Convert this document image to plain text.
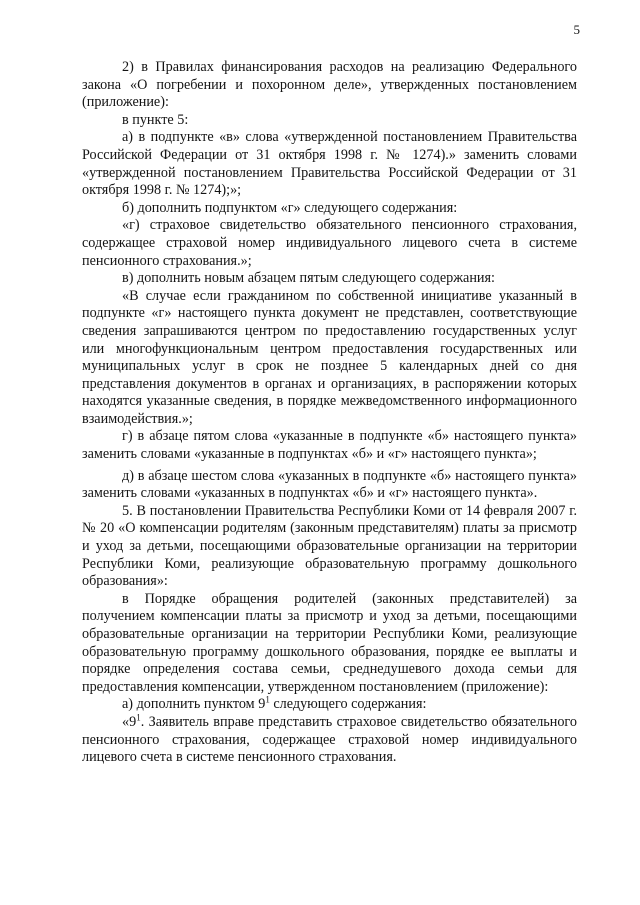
5

2) в Правилах финансирования расходов на реализацию Федерального закона «О погребении и похоронном деле», утвержденных постановлением (приложение):

в пункте 5:

а) в подпункте «в» слова «утвержденной постановлением Правительства Российской Федерации от 31 октября 1998 г. № 1274).» заменить словами «утвержденной постановлением Правительства Российской Федерации от 31 октября 1998 г. № 1274);»;

б) дополнить подпунктом «г» следующего содержания:

«г) страховое свидетельство обязательного пенсионного страхования, содержащее страховой номер индивидуального лицевого счета в системе пенсионного страхования.»;

в) дополнить новым абзацем пятым следующего содержания:

«В случае если гражданином по собственной инициативе указанный в подпункте «г» настоящего пункта документ не представлен, соответствующие сведения запрашиваются центром по предоставлению государственных услуг или многофункциональным центром предоставления государственных или муниципальных услуг в срок не позднее 5 календарных дней со дня представления документов в органах и организациях, в распоряжении которых находятся указанные сведения, в порядке межведомственного информационного взаимодействия.»;

г) в абзаце пятом слова «указанные в подпункте «б» настоящего пункта» заменить словами «указанные в подпунктах «б» и «г» настоящего пункта»;

д) в абзаце шестом слова «указанных в подпункте «б» настоящего пункта» заменить словами «указанных в подпунктах «б» и «г» настоящего пункта».

5. В постановлении Правительства Республики Коми от 14 февраля 2007 г. № 20 «О компенсации родителям (законным представителям) платы за присмотр и уход за детьми, посещающими образовательные организации на территории Республики Коми, реализующие образовательную программу дошкольного образования»:

в Порядке обращения родителей (законных представителей) за получением компенсации платы за присмотр и уход за детьми, посещающими образовательные организации на территории Республики Коми, реализующие образовательную программу дошкольного образования, порядке ее выплаты и порядке определения состава семьи, среднедушевого дохода семьи для предоставления компенсации, утвержденном постановлением (приложение):

а) дополнить пунктом $9^1$ следующего содержания:

«$9^1$. Заявитель вправе представить страховое свидетельство обязательного пенсионного страхования, содержащее страховой номер индивидуального лицевого счета в системе пенсионного страхования.
